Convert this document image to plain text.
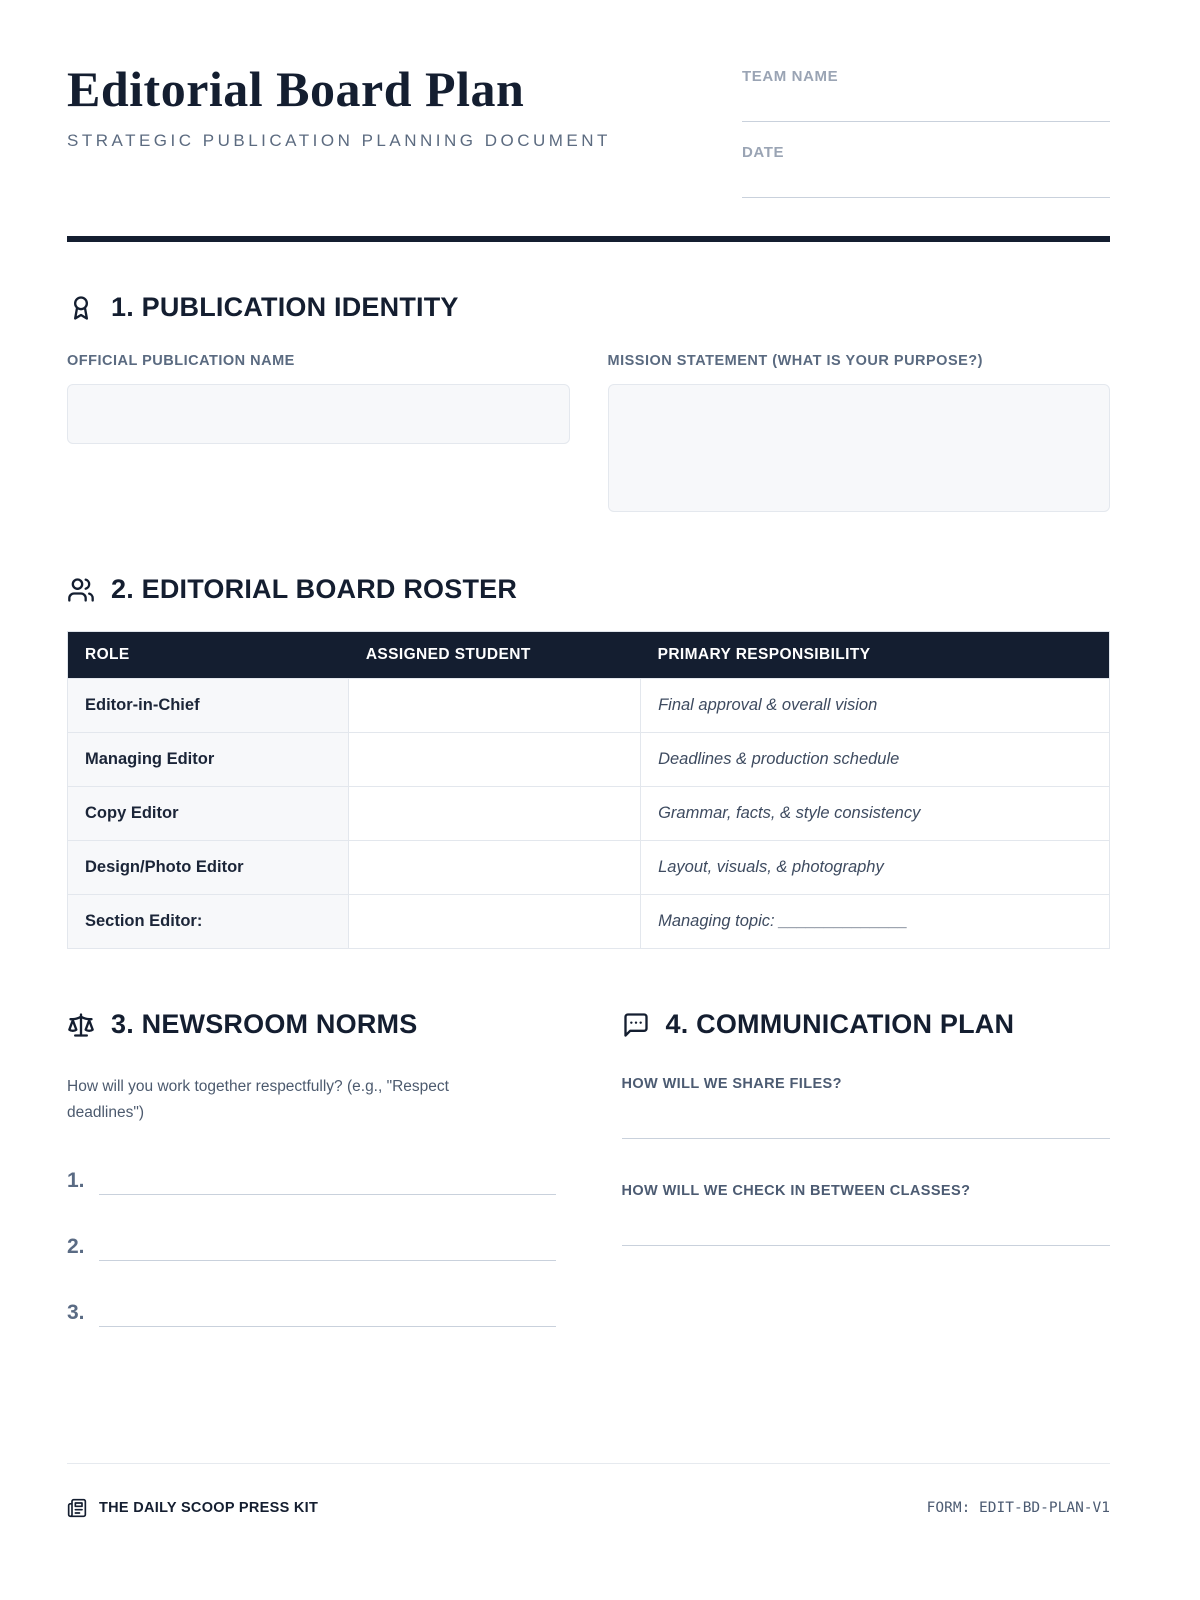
Editorial Board Plan
STRATEGIC PUBLICATION PLANNING DOCUMENT
TEAM NAME
DATE
1. PUBLICATION IDENTITY
OFFICIAL PUBLICATION NAME	MISSION STATEMENT (WHAT IS YOUR PURPOSE?)
2. EDITORIAL BOARD ROSTER
ROLE	ASSIGNED STUDENT	PRIMARY RESPONSIBILITY
Editor-in-Chief		Final approval & overall vision
Managing Editor		Deadlines & production schedule
Copy Editor		Grammar, facts, & style consistency
Design/Photo Editor		Layout, visuals, & photography
Section Editor:		Managing topic: ______________
3. NEWSROOM NORMS
How will you work together respectfully? (e.g., "Respect deadlines")
1.
2.
3.
4. COMMUNICATION PLAN
HOW WILL WE SHARE FILES?
HOW WILL WE CHECK IN BETWEEN CLASSES?
THE DAILY SCOOP PRESS KIT	FORM: EDIT-BD-PLAN-V1
